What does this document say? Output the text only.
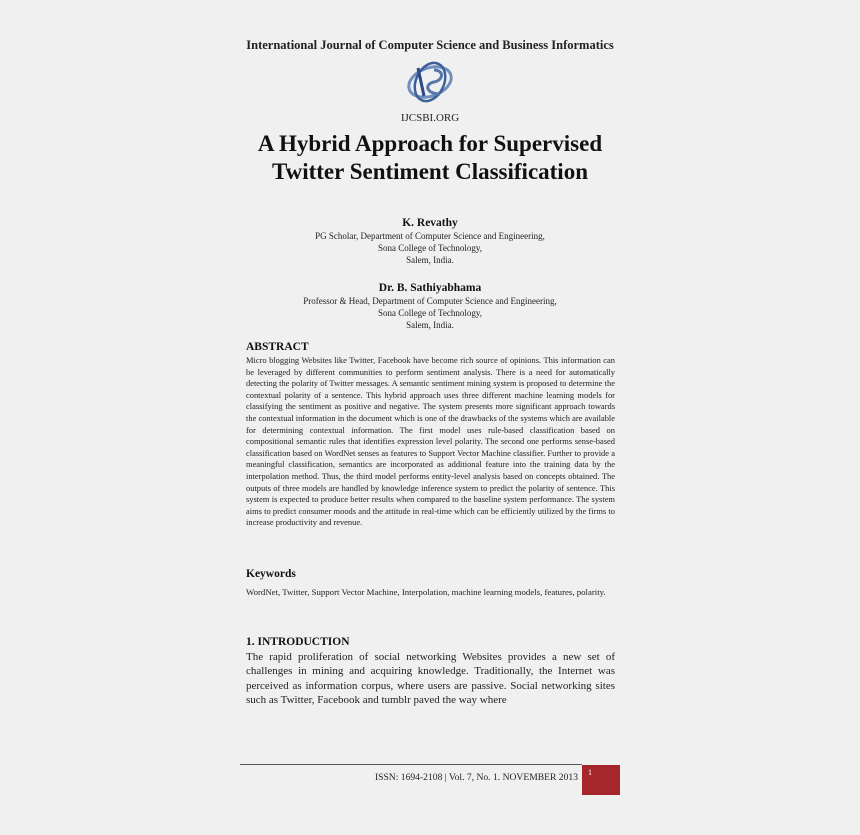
International Journal of Computer Science and Business Informatics
IJCSBI.ORG
A Hybrid Approach for Supervised
Twitter Sentiment Classification
K. Revathy
PG Scholar, Department of Computer Science and Engineering,
Sona College of Technology,
Salem, India.
Dr. B. Sathiyabhama
Professor & Head, Department of Computer Science and Engineering,
Sona College of Technology,
Salem, India.
ABSTRACT
Micro blogging Websites like Twitter, Facebook have become rich source of opinions. This information can be leveraged by different communities to perform sentiment analysis. There is a need for automatically detecting the polarity of Twitter messages. A semantic sentiment mining system is proposed to determine the contextual polarity of a sentence. This hybrid approach uses three different machine learning models for classifying the sentiment as positive and negative. The system presents more significant approach towards the contextual information in the document which is one of the drawbacks of the systems which are available for determining contextual information. The first model uses rule-based classification based on compositional semantic rules that identifies expression level polarity. The second one performs sense-based classification based on WordNet senses as features to Support Vector Machine classifier. Further to provide a meaningful classification, semantics are incorporated as additional feature into the training data by the interpolation method. Thus, the third model performs entity-level analysis based on concepts obtained. The outputs of three models are handled by knowledge inference system to predict the polarity of sentence. This system is expected to produce better results when compared to the baseline system performance. The system aims to predict consumer moods and the attitude in real-time which can be efficiently utilized by the firms to increase productivity and revenue.
Keywords
WordNet, Twitter, Support Vector Machine, Interpolation, machine learning models, features, polarity.
1. INTRODUCTION
The rapid proliferation of social networking Websites provides a new set of challenges in mining and acquiring knowledge. Traditionally, the Internet was perceived as information corpus, where users are passive. Social networking sites such as Twitter, Facebook and tumblr paved the way where
ISSN: 1694-2108 | Vol. 7, No. 1. NOVEMBER 2013 1
